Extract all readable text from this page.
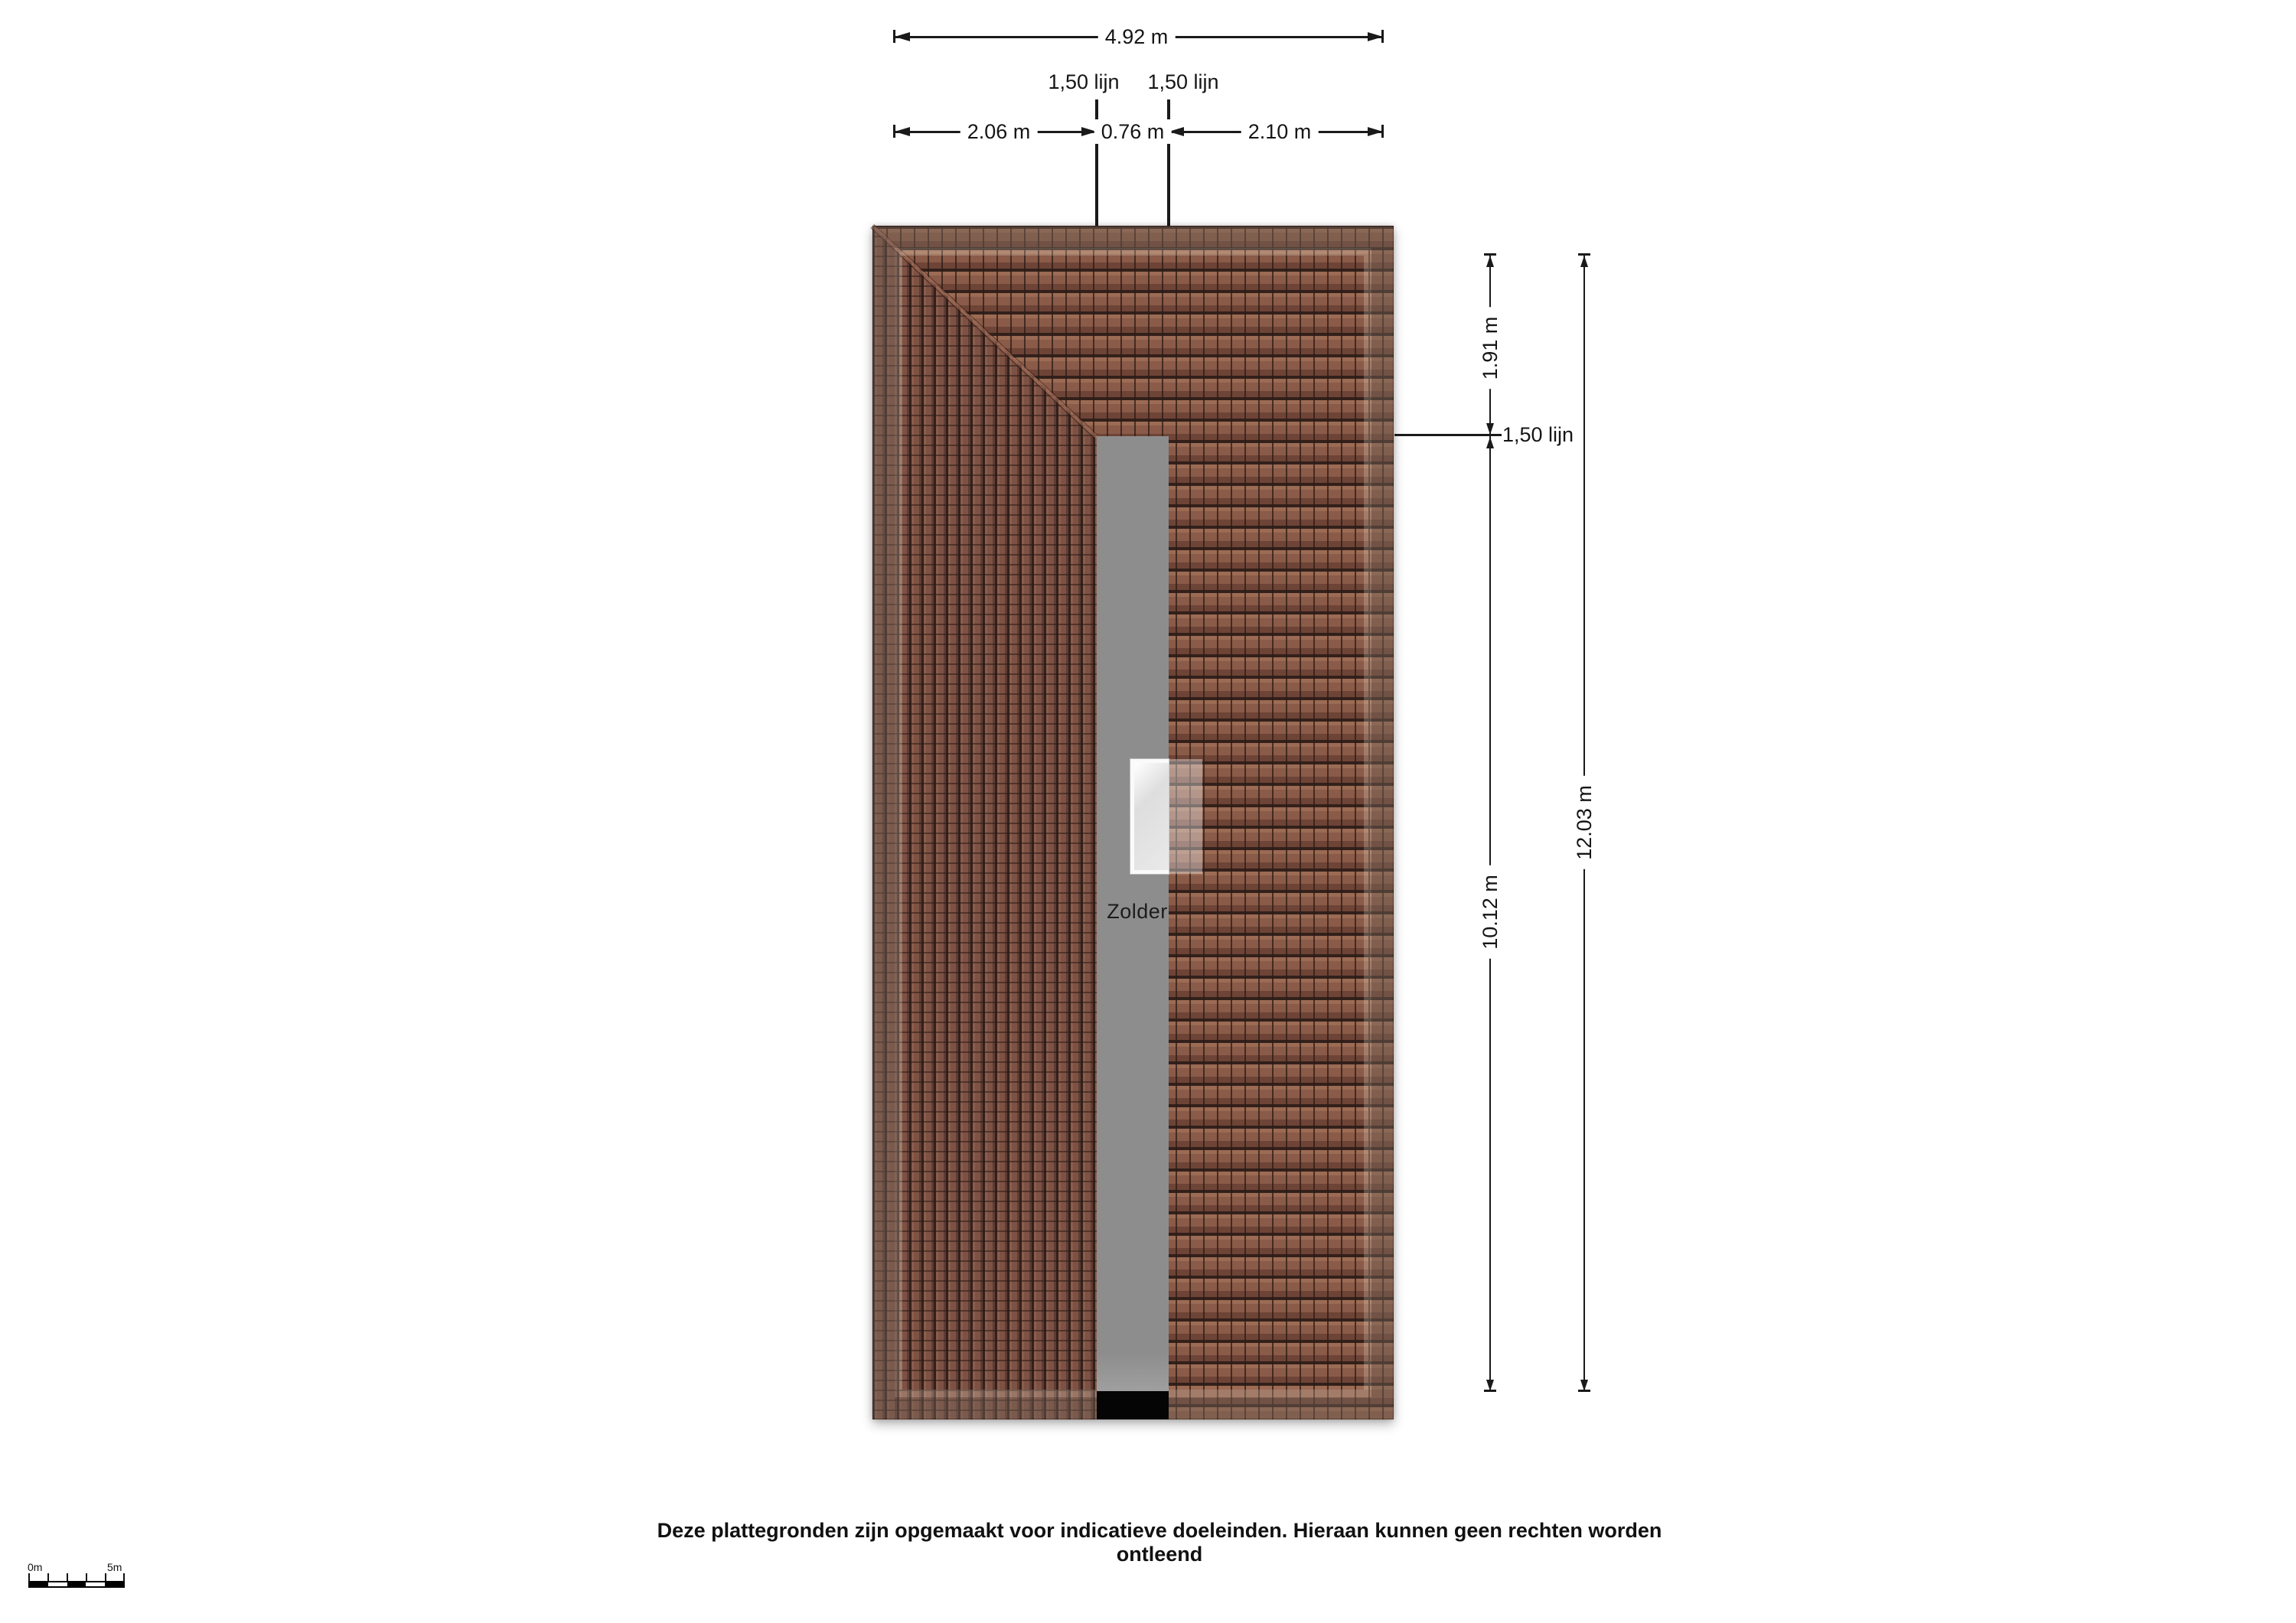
4.92 m
1,50 lijn	1,50 lijn
2.06 m	0.76 m	2.10 m
Zolder
1.91 m
1,50 lijn
10.12 m
12.03 m
Deze plattegronden zijn opgemaakt voor indicatieve doeleinden. Hieraan kunnen geen rechten worden ontleend
0m	5m
